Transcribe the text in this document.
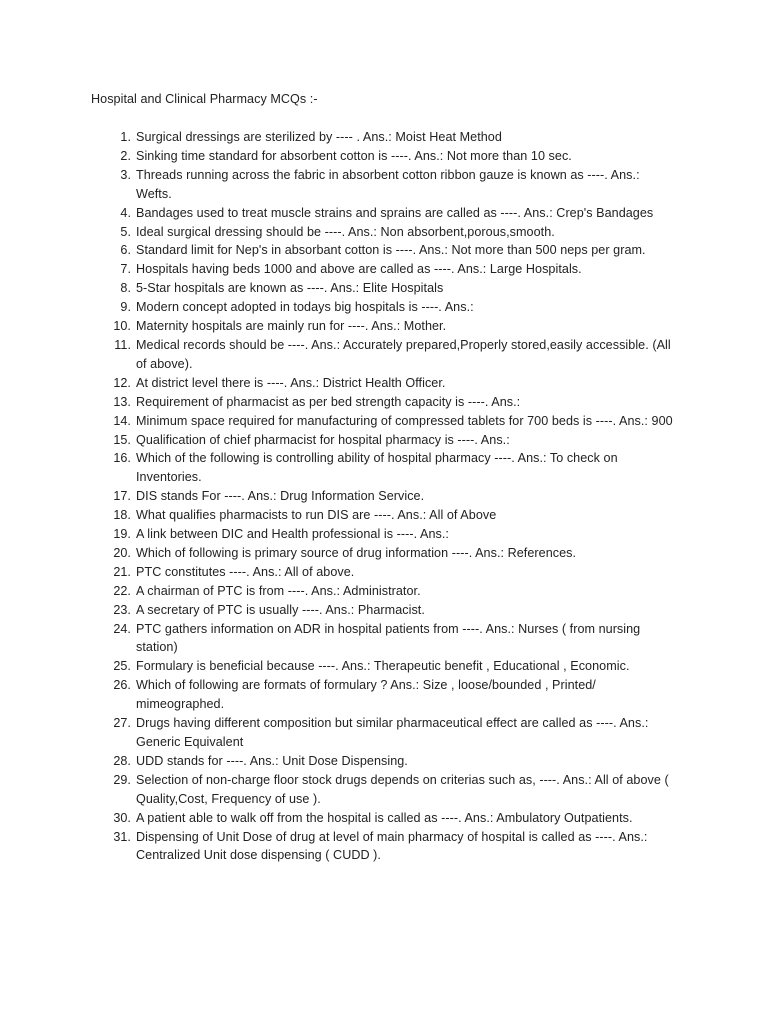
Hospital and Clinical Pharmacy MCQs :-
1. Surgical dressings are sterilized by ---- . Ans.: Moist Heat Method
2. Sinking time standard for absorbent cotton is ----. Ans.: Not more than 10 sec.
3. Threads running across the fabric in absorbent cotton ribbon gauze is known as ----. Ans.: Wefts.
4. Bandages used to treat muscle strains and sprains are called as ----. Ans.: Crep's Bandages
5. Ideal surgical dressing should be ----. Ans.: Non absorbent,porous,smooth.
6. Standard limit for Nep's in absorbant cotton is ----. Ans.: Not more than 500 neps per gram.
7. Hospitals having beds 1000 and above are called as ----. Ans.: Large Hospitals.
8. 5-Star hospitals are known as ----. Ans.: Elite Hospitals
9. Modern concept adopted in todays big hospitals is ----. Ans.:
10. Maternity hospitals are mainly run for ----. Ans.: Mother.
11. Medical records should be ----. Ans.: Accurately prepared,Properly stored,easily accessible. (All of above).
12. At district level there is ----. Ans.: District Health Officer.
13. Requirement of pharmacist as per bed strength capacity is ----. Ans.:
14. Minimum space required for manufacturing of compressed tablets for 700 beds is ----. Ans.: 900
15. Qualification of chief pharmacist for hospital pharmacy is ----. Ans.:
16. Which of the following is controlling ability of hospital pharmacy ----. Ans.: To check on Inventories.
17. DIS stands For ----. Ans.: Drug Information Service.
18. What qualifies pharmacists to run DIS are ----. Ans.: All of Above
19. A link between DIC and Health professional is ----. Ans.:
20. Which of following is primary source of drug information ----. Ans.: References.
21. PTC constitutes ----. Ans.: All of above.
22. A chairman of PTC is from ----. Ans.: Administrator.
23. A secretary of PTC is usually ----. Ans.: Pharmacist.
24. PTC gathers information on ADR in hospital patients from ----. Ans.: Nurses ( from nursing station)
25. Formulary is beneficial because ----. Ans.: Therapeutic benefit , Educational , Economic.
26. Which of following are formats of formulary ? Ans.: Size , loose/bounded , Printed/ mimeographed.
27. Drugs having different composition but similar pharmaceutical effect are called as ----. Ans.: Generic Equivalent
28. UDD stands for ----. Ans.: Unit Dose Dispensing.
29. Selection of non-charge floor stock drugs depends on criterias such as, ----. Ans.: All of above ( Quality,Cost, Frequency of use ).
30. A patient able to walk off from the hospital is called as ----. Ans.: Ambulatory Outpatients.
31. Dispensing of Unit Dose of drug at level of main pharmacy of hospital is called as ----. Ans.: Centralized Unit dose dispensing ( CUDD ).
